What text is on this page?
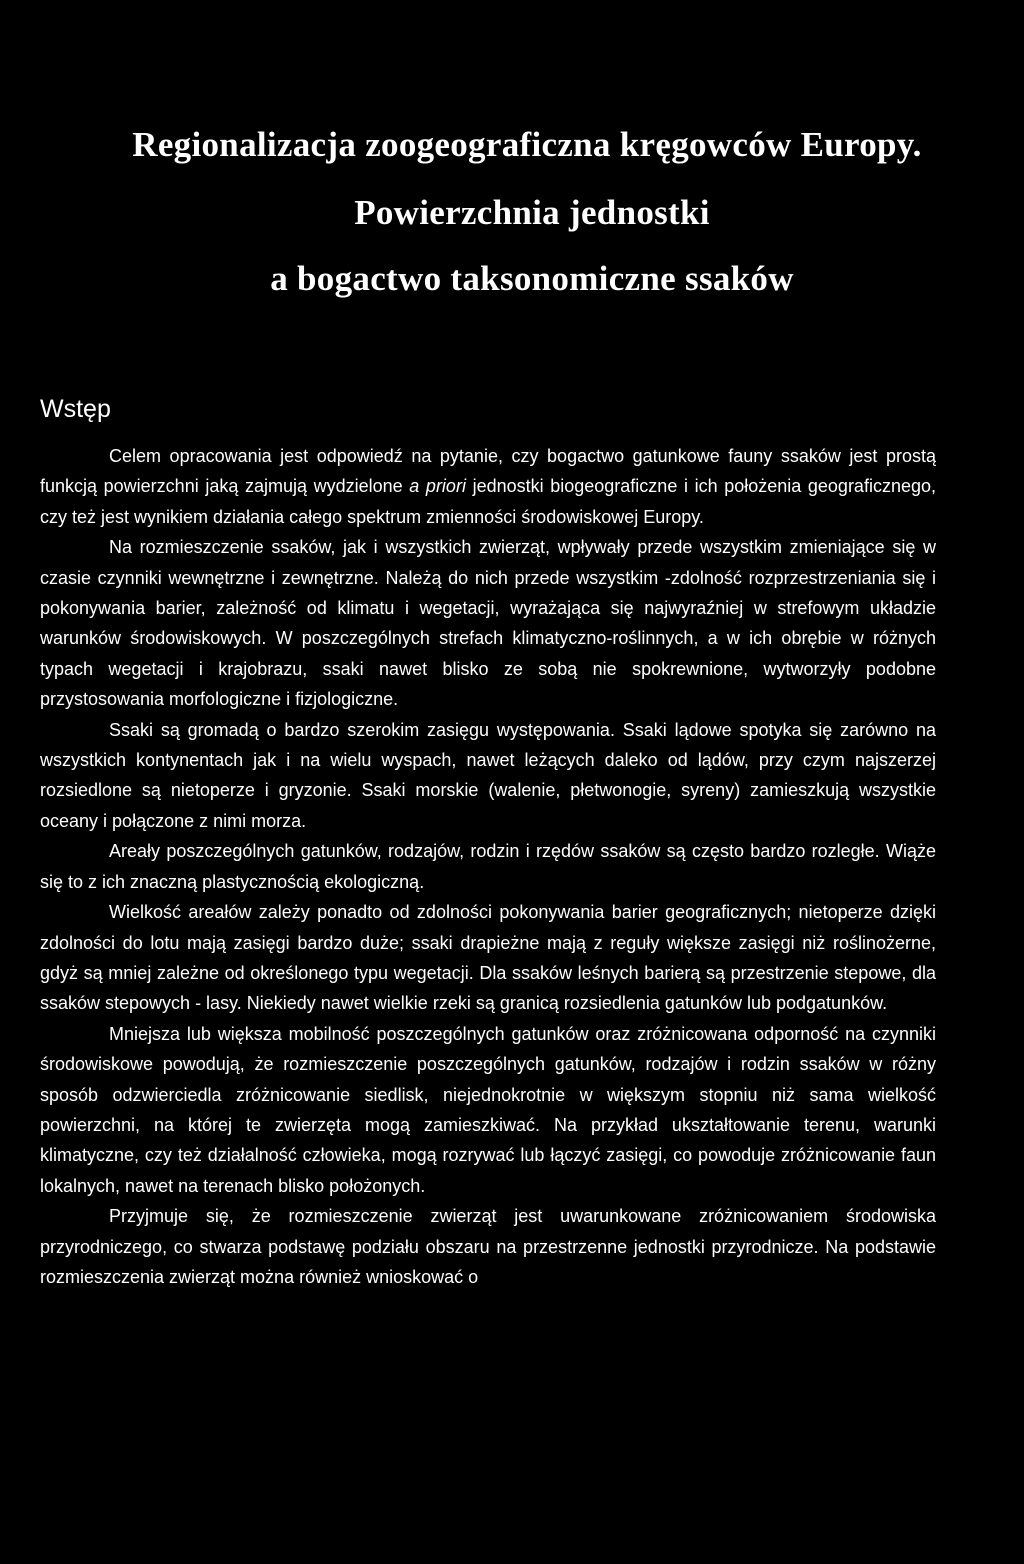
Regionalizacja zoogeograficzna kręgowców Europy.
Powierzchnia jednostki
a bogactwo taksonomiczne ssaków
Wstęp

Celem opracowania jest odpowiedź na pytanie, czy bogactwo gatunkowe fauny ssaków jest prostą funkcją powierzchni jaką zajmują wydzielone a priori jednostki biogeograficzne i ich położenia geograficznego, czy też jest wynikiem działania całego spektrum zmienności środowiskowej Europy.

Na rozmieszczenie ssaków, jak i wszystkich zwierząt, wpływały przede wszystkim zmieniające się w czasie czynniki wewnętrzne i zewnętrzne. Należą do nich przede wszystkim -zdolność rozprzestrzeniania się i pokonywania barier, zależność od klimatu i wegetacji, wyrażająca się najwyraźniej w strefowym układzie warunków środowiskowych. W poszczególnych strefach klimatyczno-roślinnych, a w ich obrębie w różnych typach wegetacji i krajobrazu, ssaki nawet blisko ze sobą nie spokrewnione, wytworzyły podobne przystosowania morfologiczne i fizjologiczne.

Ssaki są gromadą o bardzo szerokim zasięgu występowania. Ssaki lądowe spotyka się zarówno na wszystkich kontynentach jak i na wielu wyspach, nawet leżących daleko od lądów, przy czym najszerzej rozsiedlone są nietoperze i gryzonie. Ssaki morskie (walenie, płetwonogie, syreny) zamieszkują wszystkie oceany i połączone z nimi morza.

Areały poszczególnych gatunków, rodzajów, rodzin i rzędów ssaków są często bardzo rozległe. Wiąże się to z ich znaczną plastycznością ekologiczną.

Wielkość areałów zależy ponadto od zdolności pokonywania barier geograficznych; nietoperze dzięki zdolności do lotu mają zasięgi bardzo duże; ssaki drapieżne mają z reguły większe zasięgi niż roślinożerne, gdyż są mniej zależne od określonego typu wegetacji. Dla ssaków leśnych barierą są przestrzenie stepowe, dla ssaków stepowych - lasy. Niekiedy nawet wielkie rzeki są granicą rozsiedlenia gatunków lub podgatunków.

Mniejsza lub większa mobilność poszczególnych gatunków oraz zróżnicowana odporność na czynniki środowiskowe powodują, że rozmieszczenie poszczególnych gatunków, rodzajów i rodzin ssaków w różny sposób odzwierciedla zróżnicowanie siedlisk, niejednokrotnie w większym stopniu niż sama wielkość powierzchni, na której te zwierzęta mogą zamieszkiwać. Na przykład ukształtowanie terenu, warunki klimatyczne, czy też działalność człowieka, mogą rozrywać lub łączyć zasięgi, co powoduje zróżnicowanie faun lokalnych, nawet na terenach blisko położonych.

Przyjmuje się, że rozmieszczenie zwierząt jest uwarunkowane zróżnicowaniem środowiska przyrodniczego, co stwarza podstawę podziału obszaru na przestrzenne jednostki przyrodnicze. Na podstawie rozmieszczenia zwierząt można również wnioskować o
